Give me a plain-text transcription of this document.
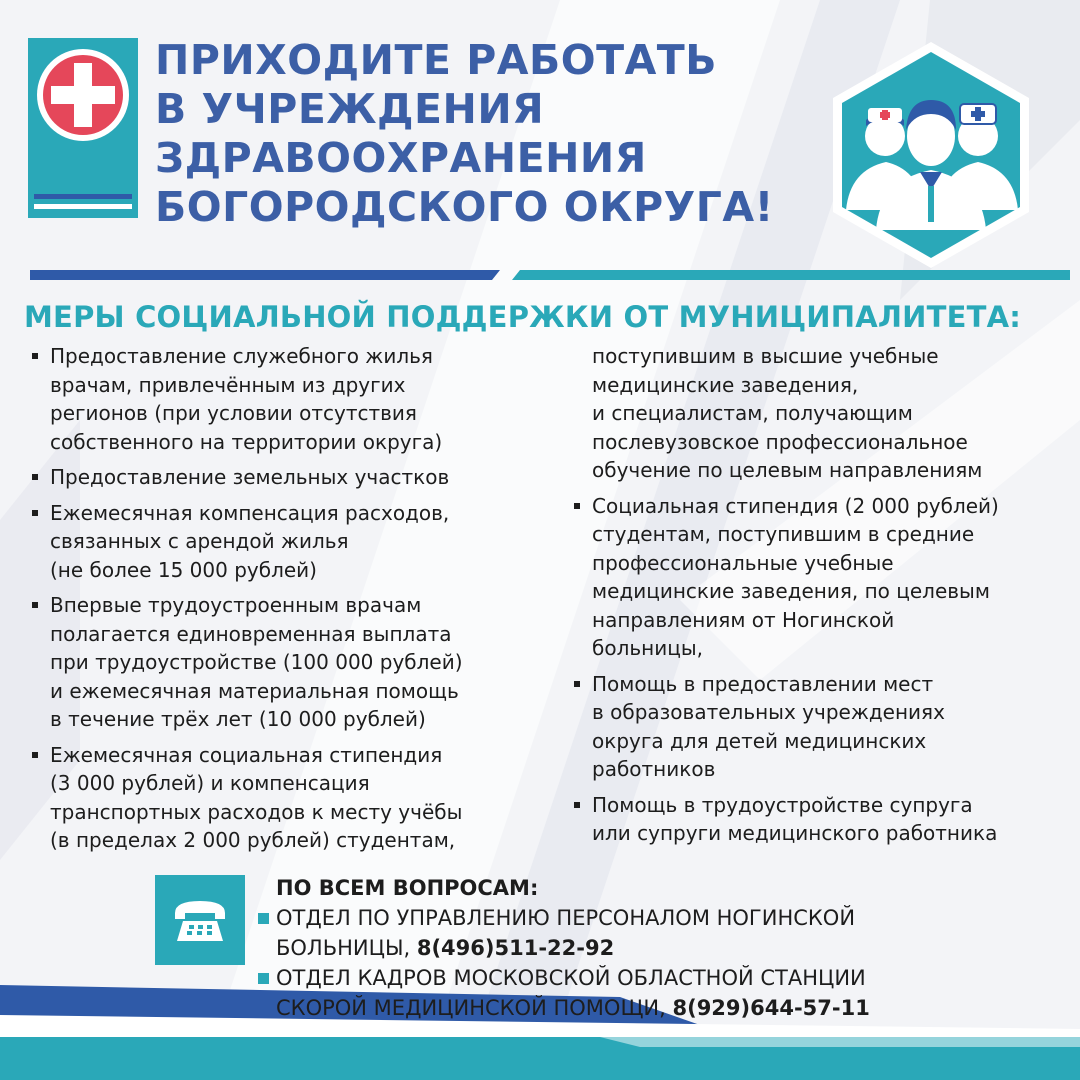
ПРИХОДИТЕ РАБОТАТЬ
В УЧРЕЖДЕНИЯ
ЗДРАВООХРАНЕНИЯ
БОГОРОДСКОГО ОКРУГА!
МЕРЫ СОЦИАЛЬНОЙ ПОДДЕРЖКИ ОТ МУНИЦИПАЛИТЕТА:
Предоставление служебного жилья
врачам, привлечённым из других
регионов (при условии отсутствия
собственного на территории округа)
Предоставление земельных участков
Ежемесячная компенсация расходов,
связанных с арендой жилья
(не более 15 000 рублей)
Впервые трудоустроенным врачам
полагается единовременная выплата
при трудоустройстве (100 000 рублей)
и ежемесячная материальная помощь
в течение трёх лет (10 000 рублей)
Ежемесячная социальная стипендия
(3 000 рублей) и компенсация
транспортных расходов к месту учёбы
(в пределах 2 000 рублей) студентам,
поступившим в высшие учебные
медицинские заведения,
и специалистам, получающим
послевузовское профессиональное
обучение по целевым направлениям
Социальная стипендия (2 000 рублей)
студентам, поступившим в средние
профессиональные учебные
медицинские заведения, по целевым
направлениям от Ногинской
больницы,
Помощь в предоставлении мест
в образовательных учреждениях
округа для детей медицинских
работников
Помощь в трудоустройстве супруга
или супруги медицинского работника
ПО ВСЕМ ВОПРОСАМ:
ОТДЕЛ ПО УПРАВЛЕНИЮ ПЕРСОНАЛОМ НОГИНСКОЙ
БОЛЬНИЦЫ, 8(496)511-22-92
ОТДЕЛ КАДРОВ МОСКОВСКОЙ ОБЛАСТНОЙ СТАНЦИИ
СКОРОЙ МЕДИЦИНСКОЙ ПОМОЩИ, 8(929)644-57-11
